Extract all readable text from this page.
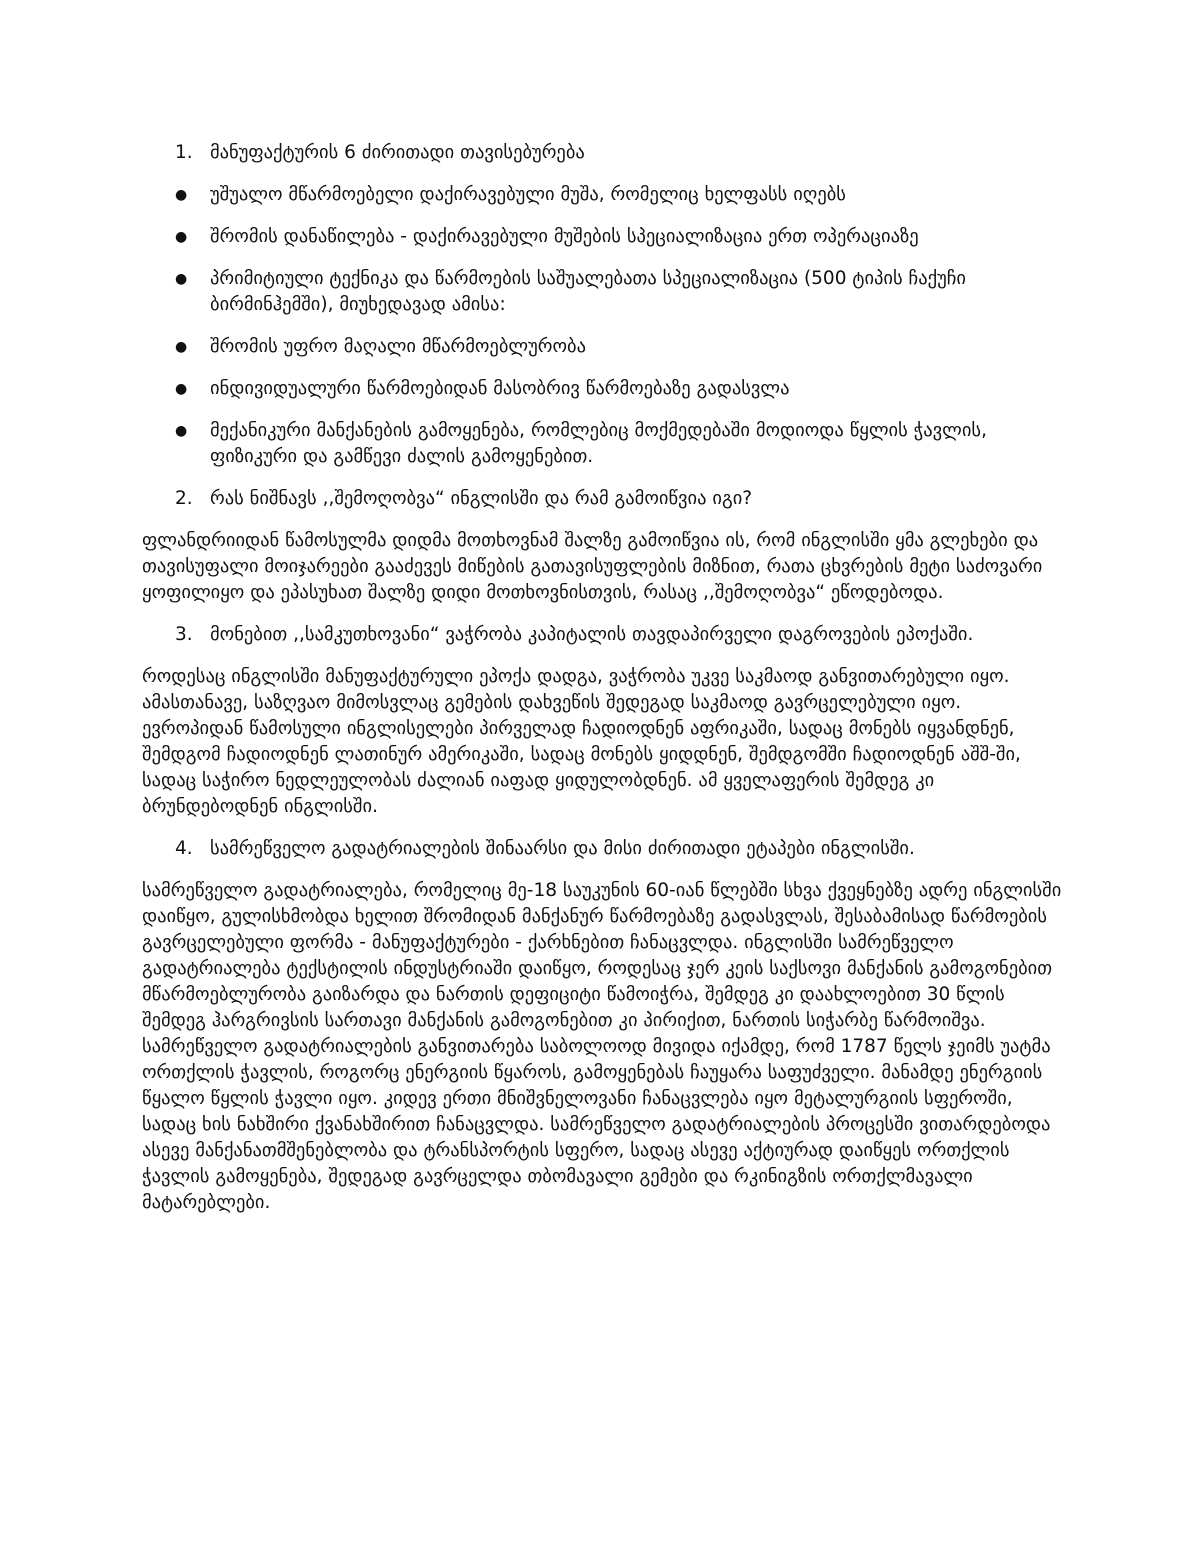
1. მანუფაქტურის 6 ძირითადი თავისებურება
●	უშუალო მწარმოებელი დაქირავებული მუშა, რომელიც ხელფასს იღებს
●	შრომის დანაწილება - დაქირავებული მუშების სპეციალიზაცია ერთ ოპერაციაზე
●	პრიმიტიული ტექნიკა და წარმოების საშუალებათა სპეციალიზაცია (500 ტიპის ჩაქუჩი ბირმინჰემში), მიუხედავად ამისა:
●	შრომის უფრო მაღალი მწარმოებლურობა
●	ინდივიდუალური წარმოებიდან მასობრივ წარმოებაზე გადასვლა
●	მექანიკური მანქანების გამოყენება, რომლებიც მოქმედებაში მოდიოდა წყლის ჭავლის, ფიზიკური და გამწევი ძალის გამოყენებით.
2. რას ნიშნავს ,,შემოღობვა“ ინგლისში და რამ გამოიწვია იგი?

ფლანდრიიდან წამოსულმა დიდმა მოთხოვნამ შალზე გამოიწვია ის, რომ ინგლისში ყმა გლეხები და თავისუფალი მოიჯარეები გააძევეს მიწების გათავისუფლების მიზნით, რათა ცხვრების მეტი საძოვარი ყოფილიყო და ეპასუხათ შალზე დიდი მოთხოვნისთვის, რასაც ,,შემოღობვა“ ეწოდებოდა.

3. მონებით ,,სამკუთხოვანი“ ვაჭრობა კაპიტალის თავდაპირველი დაგროვების ეპოქაში.

როდესაც ინგლისში მანუფაქტურული ეპოქა დადგა, ვაჭრობა უკვე საკმაოდ განვითარებული იყო. ამასთანავე, საზღვაო მიმოსვლაც გემების დახვეწის შედეგად საკმაოდ გავრცელებული იყო. ევროპიდან წამოსული ინგლისელები პირველად ჩადიოდნენ აფრიკაში, სადაც მონებს იყვანდნენ, შემდგომ ჩადიოდნენ ლათინურ ამერიკაში, სადაც მონებს ყიდდნენ, შემდგომში ჩადიოდნენ აშშ-ში, სადაც საჭირო ნედლეულობას ძალიან იაფად ყიდულობდნენ. ამ ყველაფერის შემდეგ კი ბრუნდებოდნენ ინგლისში.

4. სამრეწველო გადატრიალების შინაარსი და მისი ძირითადი ეტაპები ინგლისში.

სამრეწველო გადატრიალება, რომელიც მე-18 საუკუნის 60-იან წლებში სხვა ქვეყნებზე ადრე ინგლისში დაიწყო, გულისხმობდა ხელით შრომიდან მანქანურ წარმოებაზე გადასვლას, შესაბამისად წარმოების გავრცელებული ფორმა - მანუფაქტურები - ქარხნებით ჩანაცვლდა. ინგლისში სამრეწველო გადატრიალება ტექსტილის ინდუსტრიაში დაიწყო, როდესაც ჯერ კეის საქსოვი მანქანის გამოგონებით მწარმოებლურობა გაიზარდა და ნართის დეფიციტი წამოიჭრა, შემდეგ კი დაახლოებით 30 წლის შემდეგ ჰარგრივსის სართავი მანქანის გამოგონებით კი პირიქით, ნართის სიჭარბე წარმოიშვა. სამრეწველო გადატრიალების განვითარება საბოლოოდ მივიდა იქამდე, რომ 1787 წელს ჯეიმს უატმა ორთქლის ჭავლის, როგორც ენერგიის წყაროს, გამოყენებას ჩაუყარა საფუძველი. მანამდე ენერგიის წყალო წყლის ჭავლი იყო. კიდევ ერთი მნიშვნელოვანი ჩანაცვლება იყო მეტალურგიის სფეროში, სადაც ხის ნახშირი ქვანახშირით ჩანაცვლდა. სამრეწველო გადატრიალების პროცესში ვითარდებოდა ასევე მანქანათმშენებლობა და ტრანსპორტის სფერო, სადაც ასევე აქტიურად დაიწყეს ორთქლის ჭავლის გამოყენება, შედეგად გავრცელდა თბომავალი გემები და რკინიგზის ორთქლმავალი მატარებლები.
